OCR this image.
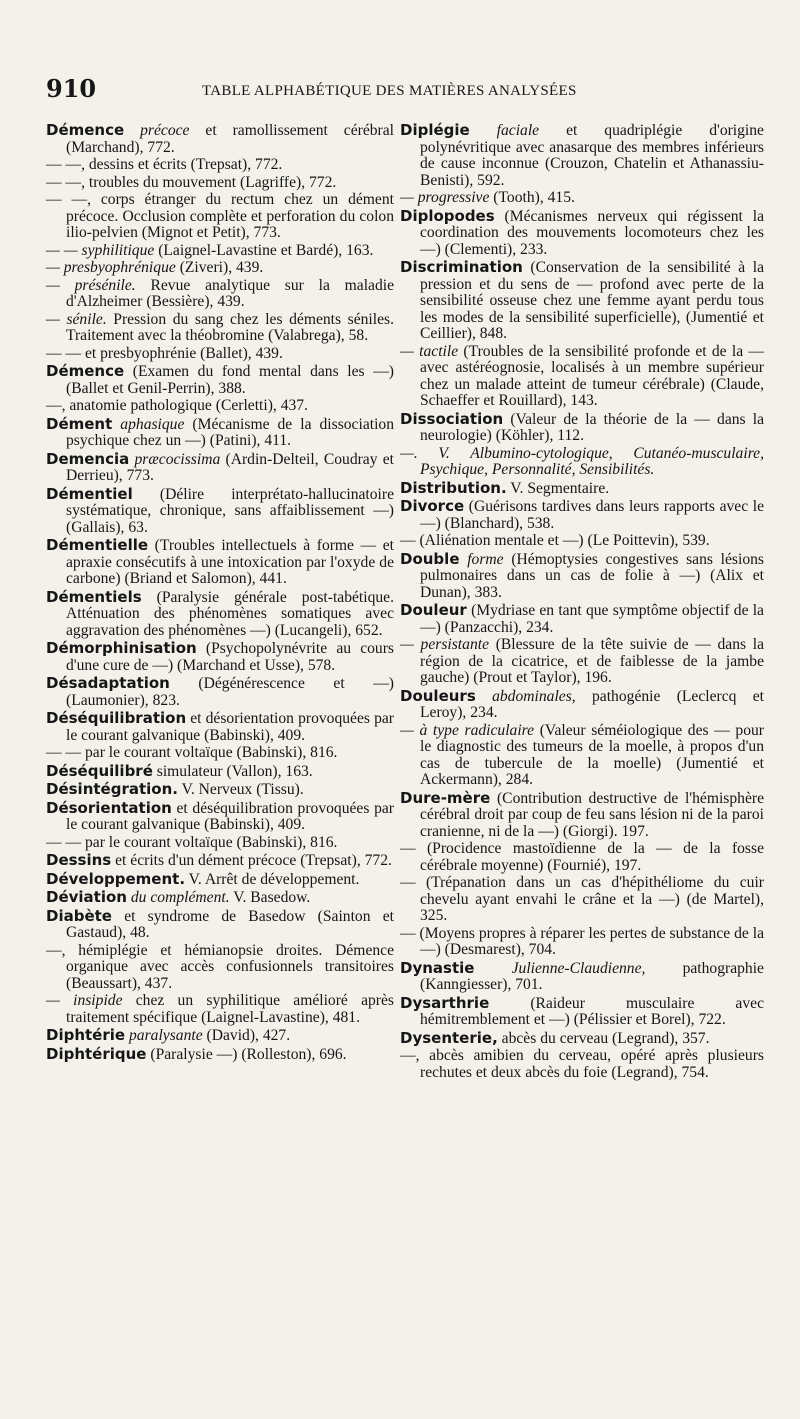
910	TABLE ALPHABÉTIQUE DES MATIÈRES ANALYSÉES

Démence précoce et ramollissement cérébral (Marchand), 772.

— —, dessins et écrits (Trepsat), 772.

— —, troubles du mouvement (Lagriffe), 772.

— —, corps étranger du rectum chez un dément précoce. Occlusion complète et perforation du colon ilio-pelvien (Mignot et Petit), 773.

— — syphilitique (Laignel-Lavastine et Bardé), 163.

— presbyophrénique (Ziveri), 439.

— présénile. Revue analytique sur la maladie d'Alzheimer (Bessière), 439.

— sénile. Pression du sang chez les déments séniles. Traitement avec la théobromine (Valabrega), 58.

— — et presbyophrénie (Ballet), 439.

Démence (Examen du fond mental dans les —) (Ballet et Genil-Perrin), 388.

—, anatomie pathologique (Cerletti), 437.

Dément aphasique (Mécanisme de la dissociation psychique chez un —) (Patini), 411.

Demencia præcocissima (Ardin-Delteil, Coudray et Derrieu), 773.

Démentiel (Délire interprétato-hallucinatoire systématique, chronique, sans affaiblissement —) (Gallais), 63.

Démentielle (Troubles intellectuels à forme — et apraxie consécutifs à une intoxication par l'oxyde de carbone) (Briand et Salomon), 441.

Démentiels (Paralysie générale post-tabétique. Atténuation des phénomènes somatiques avec aggravation des phénomènes —) (Lucangeli), 652.

Démorphinisation (Psychopolynévrite au cours d'une cure de —) (Marchand et Usse), 578.

Désadaptation (Dégénérescence et —) (Laumonier), 823.

Déséquilibration et désorientation provoquées par le courant galvanique (Babinski), 409.

— — par le courant voltaïque (Babinski), 816.

Déséquilibré simulateur (Vallon), 163.

Désintégration. V. Nerveux (Tissu).

Désorientation et déséquilibration provoquées par le courant galvanique (Babinski), 409.

— — par le courant voltaïque (Babinski), 816.

Dessins et écrits d'un dément précoce (Trepsat), 772.

Développement. V. Arrêt de développement.

Déviation du complément. V. Basedow.

Diabète et syndrome de Basedow (Sainton et Gastaud), 48.

—, hémiplégie et hémianopsie droites. Démence organique avec accès confusionnels transitoires (Beaussart), 437.

— insipide chez un syphilitique amélioré après traitement spécifique (Laignel-Lavastine), 481.

Diphtérie paralysante (David), 427.

Diphtérique (Paralysie —) (Rolleston), 696.

Diplégie faciale et quadriplégie d'origine polynévritique avec anasarque des membres inférieurs de cause inconnue (Crouzon, Chatelin et Athanassiu-Benisti), 592.

— progressive (Tooth), 415.

Diplopodes (Mécanismes nerveux qui régissent la coordination des mouvements locomoteurs chez les —) (Clementi), 233.

Discrimination (Conservation de la sensibilité à la pression et du sens de — profond avec perte de la sensibilité osseuse chez une femme ayant perdu tous les modes de la sensibilité superficielle), (Jumentié et Ceillier), 848.

— tactile (Troubles de la sensibilité profonde et de la — avec astéréognosie, localisés à un membre supérieur chez un malade atteint de tumeur cérébrale) (Claude, Schaeffer et Rouillard), 143.

Dissociation (Valeur de la théorie de la — dans la neurologie) (Köhler), 112.

—. V. Albumino-cytologique, Cutanéo-musculaire, Psychique, Personnalité, Sensibilités.

Distribution. V. Segmentaire.

Divorce (Guérisons tardives dans leurs rapports avec le —) (Blanchard), 538.

— (Aliénation mentale et —) (Le Poittevin), 539.

Double forme (Hémoptysies congestives sans lésions pulmonaires dans un cas de folie à —) (Alix et Dunan), 383.

Douleur (Mydriase en tant que symptôme objectif de la —) (Panzacchi), 234.

— persistante (Blessure de la tête suivie de — dans la région de la cicatrice, et de faiblesse de la jambe gauche) (Prout et Taylor), 196.

Douleurs abdominales, pathogénie (Leclercq et Leroy), 234.

— à type radiculaire (Valeur séméiologique des — pour le diagnostic des tumeurs de la moelle, à propos d'un cas de tubercule de la moelle) (Jumentié et Ackermann), 284.

Dure-mère (Contribution destructive de l'hémisphère cérébral droit par coup de feu sans lésion ni de la paroi cranienne, ni de la —) (Giorgi). 197.

— (Procidence mastoïdienne de la — de la fosse cérébrale moyenne) (Fournié), 197.

— (Trépanation dans un cas d'hépithéliome du cuir chevelu ayant envahi le crâne et la —) (de Martel), 325.

— (Moyens propres à réparer les pertes de substance de la —) (Desmarest), 704.

Dynastie Julienne-Claudienne, pathographie (Kanngiesser), 701.

Dysarthrie	(Raideur musculaire avec hémitremblement et —) (Pélissier et Borel), 722.

Dysenterie, abcès du cerveau (Legrand), 357.

—, abcès amibien du cerveau, opéré après plusieurs rechutes et deux abcès du foie (Legrand), 754.
